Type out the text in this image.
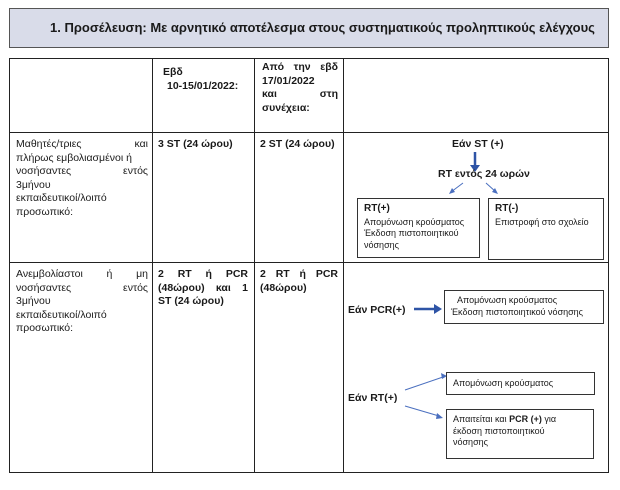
1. Προσέλευση: Με αρνητικό αποτέλεσμα στους συστηματικούς προληπτικούς ελέγχους
Εβδ
10-15/01/2022:
Από την εβδ
17/01/2022
και στη
συνέχεια:
Μαθητές/τριες και
πλήρως εμβολιασμένοι ή
νοσήσαντες εντός
3μήνου
εκπαιδευτικοί/λοιπό
προσωπικό:
3 ST (24 ώρου)	2 ST (24 ώρου)	Εάν ST (+)
RT εντός 24 ωρών
RT(+)
Απομόνωση κρούσματος
Έκδοση πιστοποιητικού
νόσησης
RT(-)
Επιστροφή στο σχολείο
Ανεμβολίαστοι ή μη
νοσήσαντες εντός
3μήνου
εκπαιδευτικοί/λοιπό
προσωπικό:
2 RT ή PCR
(48ώρου) και 1
ST (24 ώρου)
2 RT ή PCR
(48ώρου)
Εάν PCR(+)
Απομόνωση κρούσματος
Έκδοση πιστοποιητικού νόσησης
Εάν RT(+)
Απομόνωση κρούσματος
Απαιτείται και PCR (+) για
έκδοση πιστοποιητικού
νόσησης
